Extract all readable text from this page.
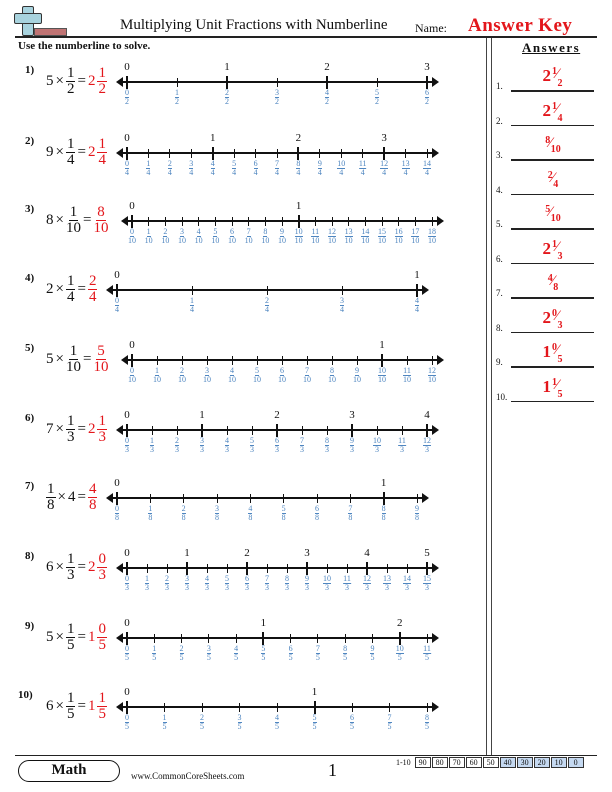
Multiplying Unit Fractions with Numberline Name: Answer Key
Use the numberline to solve.	Answers
1)
$5 \times \frac{1}{2} = 2 \frac{1}{2}$
$\frac{0}{2}$
0
$\frac{1}{2}$	$\frac{2}{2}$
1
$\frac{3}{2}$	$\frac{4}{2}$
2
$\frac{5}{2}$	$\frac{6}{2}$
3
2)
$9 \times \frac{1}{4} = 2 \frac{1}{4}$
$\frac{0}{4}$
0
$\frac{1}{4} \frac{2}{4} \frac{3}{4} \frac{4}{4}$
1
$\frac{5}{4} \frac{6}{4} \frac{7}{4} \frac{8}{4}$
2
$\frac{9}{4} \frac{10}{4} \frac{11}{4} \frac{12}{4}$
3
$\frac{13}{4} \frac{14}{4}$
3)
$8 \times \frac{1}{10} = \frac{8}{10}$
$\frac{0}{10}$
0
$\frac{1}{10} \frac{2}{10} \frac{3}{10} \frac{4}{10} \frac{5}{10} \frac{6}{10} \frac{7}{10} \frac{8}{10} \frac{9}{10} \frac{10}{10}$
1
$\frac{11}{10} \frac{12}{10} \frac{13}{10} \frac{14}{10} \frac{15}{10} \frac{16}{10} \frac{17}{10} \frac{18}{10}$
4)
$2 \times \frac{1}{4} = \frac{2}{4}$
$\frac{0}{4}$
0
$\frac{1}{4}$	$\frac{2}{4}$	$\frac{3}{4}$	$\frac{4}{4}$
1
5)
$5 \times \frac{1}{10} = \frac{5}{10}$
$\frac{0}{10}$
0
$\frac{1}{10} \frac{2}{10} \frac{3}{10} \frac{4}{10} \frac{5}{10} \frac{6}{10} \frac{7}{10} \frac{8}{10} \frac{9}{10} \frac{10}{10}$
1
$\frac{11}{10} \frac{12}{10}$
6)
$7 \times \frac{1}{3} = 2 \frac{1}{3}$
$\frac{0}{3}$
0
$\frac{1}{3}$	$\frac{2}{3}$	$\frac{3}{3}$
1
$\frac{4}{3}$	$\frac{5}{3}$	$\frac{6}{3}$
2
$\frac{7}{3}$	$\frac{8}{3}$	$\frac{9}{3}$
3
$\frac{10}{3} \frac{11}{3} \frac{12}{3}$
4
$7) \frac{1}{8} \times 4 = \frac{4}{8}$
$\frac{0}{8}$
0
$\frac{1}{8}$	$\frac{2}{8}$	$\frac{3}{8}$	$\frac{4}{8}$	$\frac{5}{8}$	$\frac{6}{8}$	$\frac{7}{8}$	$\frac{8}{8}$
1
$\frac{9}{8}$
8)
$6 \times \frac{1}{3} = 2 \frac{0}{3}$
$\frac{0}{3}$
0
$\frac{1}{3} \frac{2}{3} \frac{3}{3}$
1
$\frac{4}{3} \frac{5}{3} \frac{6}{3}$
2
$\frac{7}{3} \frac{8}{3} \frac{9}{3}$
3
$\frac{10}{3} \frac{11}{3} \frac{12}{3}$
4
$\frac{13}{3} \frac{14}{3} \frac{15}{3}$
5
9)
$5 \times \frac{1}{5} = 1 \frac{0}{5}$
$\frac{0}{5}$
0
$\frac{1}{5}$	$\frac{2}{5}$	$\frac{3}{5}$	$\frac{4}{5}$	$\frac{5}{5}$
1
$\frac{6}{5}$	$\frac{7}{5}$	$\frac{8}{5}$	$\frac{9}{5}$	$\frac{10}{5}$
2
$\frac{11}{5}$
10)
$6 \times \frac{1}{5} = 1 \frac{1}{5}$
$\frac{0}{5}$
0
$\frac{1}{5}$	$\frac{2}{5}$	$\frac{3}{5}$	$\frac{4}{5}$	$\frac{5}{5}$
1
$\frac{6}{5}$	$\frac{7}{5}$	$\frac{8}{5}$
1.
$2^1$ ⁄
$_2$
2.
$2^1$ ⁄
$_4$
3.
8 $⁄_{10}$
4.
2 $⁄_4$
5.
5 $⁄_{10}$
6.
$2^1$ ⁄
$_3$
7.
4 $⁄_8$
8.
$2^0$ ⁄
$_3$
9.
$1^0$ ⁄
$_5$
10.
$1^1$ ⁄
$_5$
Math	www.CommonCoreSheets.com	1	1-10	90	80	70	60	50	40	30	20	10	0
